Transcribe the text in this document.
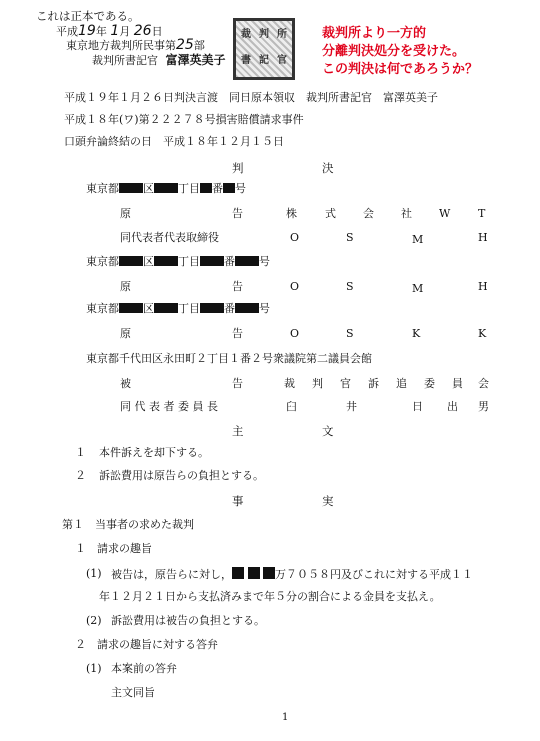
これは正本である。
平成19年 1月 26日
東京地方裁判所民事第25部
裁判所書記官 富澤英美子
裁 判 所
書 記 官
裁判所より一方的
分離判決処分を受けた。
この判決は何であろうか？
平成１９年１月２６日判決言渡　同日原本領収　裁判所書記官　富澤英美子
平成１８年(ワ)第２２２７８号損害賠償請求事件
口頭弁論終結の日　平成１８年１２月１５日
判	決
東京都 区 丁目 番 号
原	告	株	式 会 社 W	T
同代表者代表取締役	O	S	M	H
東京都 区 丁目 番 号
原	告	O	S	M	H
東京都 区 丁目 番 号
原	告	O	S	K	K
東京都千代田区永田町２丁目１番２号衆議院第二議員会館
被	告	裁 判 官 訴 追 委 員 会
同 代 表 者 委 員 長	臼	井	日 出 男
主	文
１ 本件訴えを却下する。
２ 訴訟費用は原告らの負担とする。
事	実
第１　当事者の求めた裁判
１　請求の趣旨
(1) 被告は，原告らに対し，	万７０５８円及びこれに対する平成１１
年１２月２１日から支払済みまで年５分の割合による金員を支払え。
(2) 訴訟費用は被告の負担とする。
２　請求の趣旨に対する答弁
(1) 本案前の答弁
主文同旨
1
